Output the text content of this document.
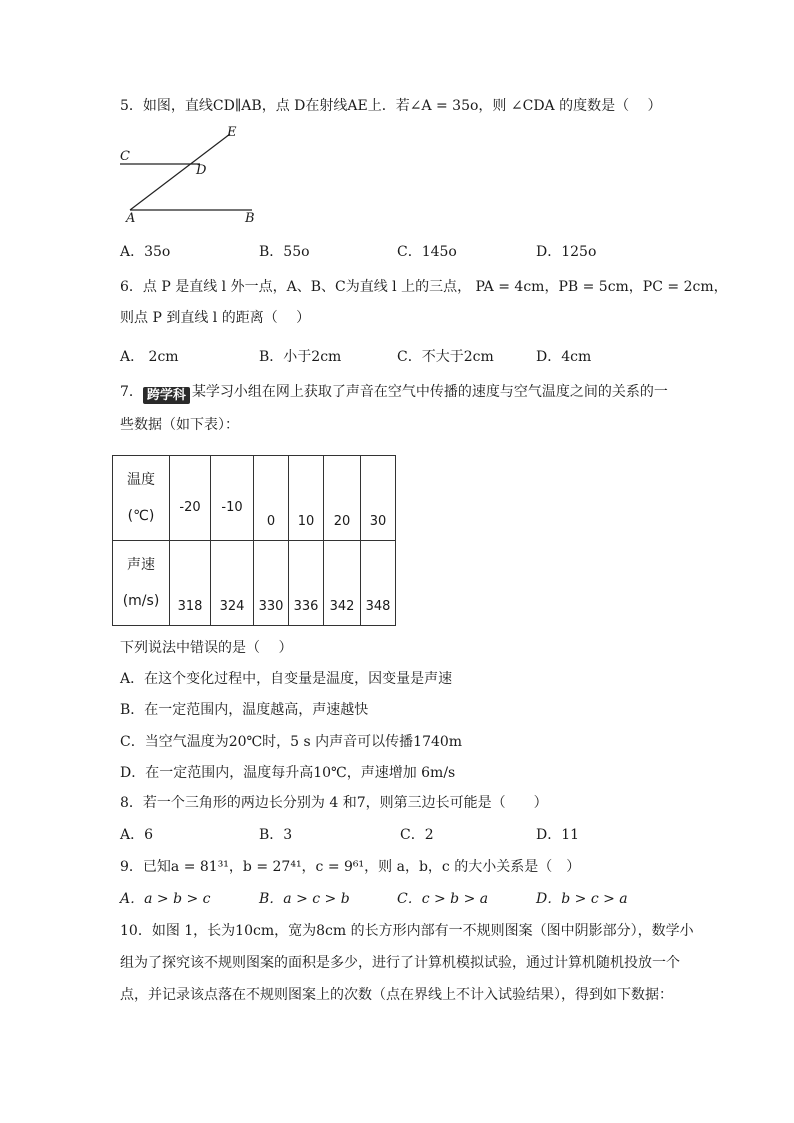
5．如图，直线CD∥AB，点 D在射线AE上．若∠A = 35o，则 ∠CDA 的度数是（　 ）
E
C
D
A	B
A．35o	B．55o	C．145o	D．125o
6．点 P 是直线 l 外一点，A、B、C为直线 l 上的三点， PA = 4cm，PB = 5cm，PC = 2cm，
则点 P 到直线 l 的距离（　 ）
A． 2cm	B．小于2cm	C．不大于2cm	D．4cm
7． 跨学科 某学习小组在网上获取了声音在空气中传播的速度与空气温度之间的关系的一
些数据（如下表）：
温度
(℃)	-20	-10	0	10	20	30

声速
(m/s)	318	324	330	336	342	348
下列说法中错误的是（　 ）
A．在这个变化过程中，自变量是温度，因变量是声速
B．在一定范围内，温度越高，声速越快
C．当空气温度为20℃时，5 s 内声音可以传播1740m
D．在一定范围内，温度每升高10℃，声速增加 6m/s
8．若一个三角形的两边长分别为 4 和7，则第三边长可能是（　　）
A．6	B．3	C．2	D．11
9．已知a = 81³¹，b = 27⁴¹，c = 9⁶¹，则 a，b，c 的大小关系是（　）
A．a > b > c	B．a > c > b	C．c > b > a	D．b > c > a
10．如图 1，长为10cm，宽为8cm 的长方形内部有一不规则图案（图中阴影部分），数学小
组为了探究该不规则图案的面积是多少，进行了计算机模拟试验，通过计算机随机投放一个
点，并记录该点落在不规则图案上的次数（点在界线上不计入试验结果），得到如下数据：
